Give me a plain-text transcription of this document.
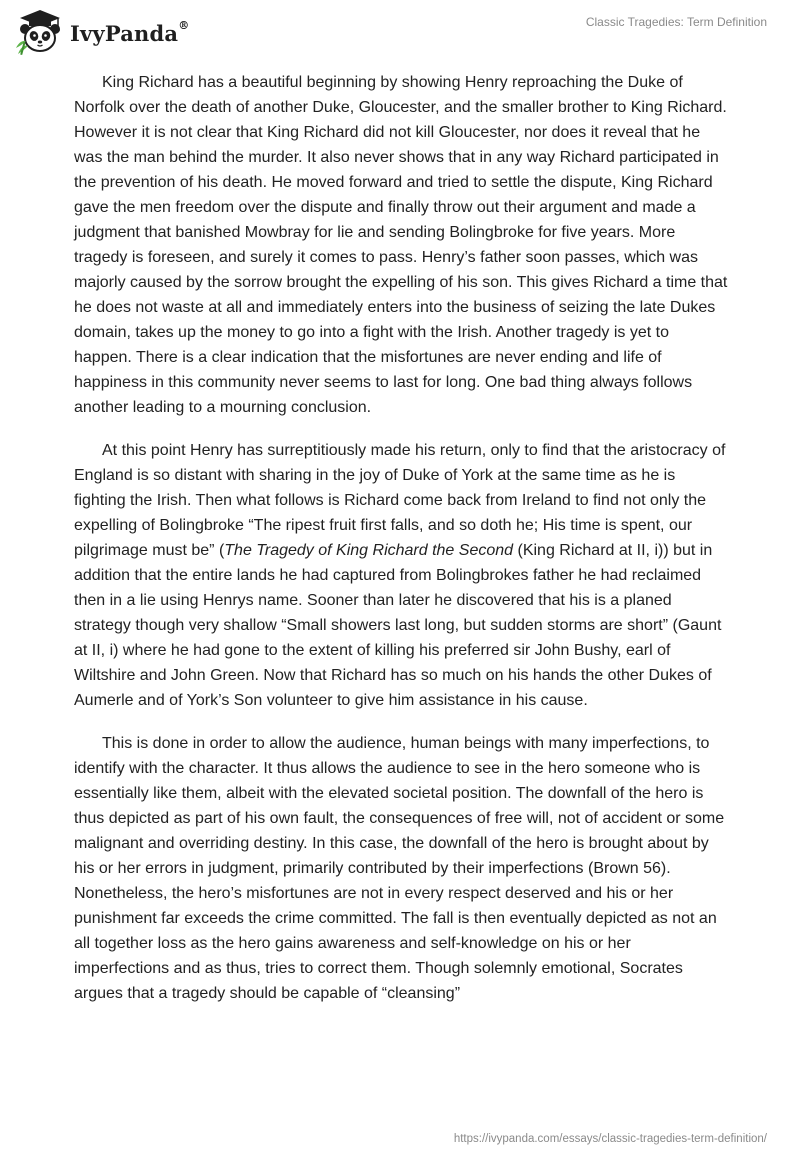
IvyPanda®	Classic Tragedies: Term Definition

King Richard has a beautiful beginning by showing Henry reproaching the Duke of Norfolk over the death of another Duke, Gloucester, and the smaller brother to King Richard. However it is not clear that King Richard did not kill Gloucester, nor does it reveal that he was the man behind the murder. It also never shows that in any way Richard participated in the prevention of his death. He moved forward and tried to settle the dispute, King Richard gave the men freedom over the dispute and finally throw out their argument and made a judgment that banished Mowbray for lie and sending Bolingbroke for five years. More tragedy is foreseen, and surely it comes to pass. Henry’s father soon passes, which was majorly caused by the sorrow brought the expelling of his son. This gives Richard a time that he does not waste at all and immediately enters into the business of seizing the late Dukes domain, takes up the money to go into a fight with the Irish. Another tragedy is yet to happen. There is a clear indication that the misfortunes are never ending and life of happiness in this community never seems to last for long. One bad thing always follows another leading to a mourning conclusion.

At this point Henry has surreptitiously made his return, only to find that the aristocracy of England is so distant with sharing in the joy of Duke of York at the same time as he is fighting the Irish. Then what follows is Richard come back from Ireland to find not only the expelling of Bolingbroke “The ripest fruit first falls, and so doth he; His time is spent, our pilgrimage must be” (The Tragedy of King Richard the Second (King Richard at II, i)) but in addition that the entire lands he had captured from Bolingbrokes father he had reclaimed then in a lie using Henrys name. Sooner than later he discovered that his is a planed strategy though very shallow “Small showers last long, but sudden storms are short” (Gaunt at II, i) where he had gone to the extent of killing his preferred sir John Bushy, earl of Wiltshire and John Green. Now that Richard has so much on his hands the other Dukes of Aumerle and of York’s Son volunteer to give him assistance in his cause.

This is done in order to allow the audience, human beings with many imperfections, to identify with the character. It thus allows the audience to see in the hero someone who is essentially like them, albeit with the elevated societal position. The downfall of the hero is thus depicted as part of his own fault, the consequences of free will, not of accident or some malignant and overriding destiny. In this case, the downfall of the hero is brought about by his or her errors in judgment, primarily contributed by their imperfections (Brown 56). Nonetheless, the hero’s misfortunes are not in every respect deserved and his or her punishment far exceeds the crime committed. The fall is then eventually depicted as not an all together loss as the hero gains awareness and self-knowledge on his or her imperfections and as thus, tries to correct them. Though solemnly emotional, Socrates argues that a tragedy should be capable of “cleansing”

https://ivypanda.com/essays/classic-tragedies-term-definition/
